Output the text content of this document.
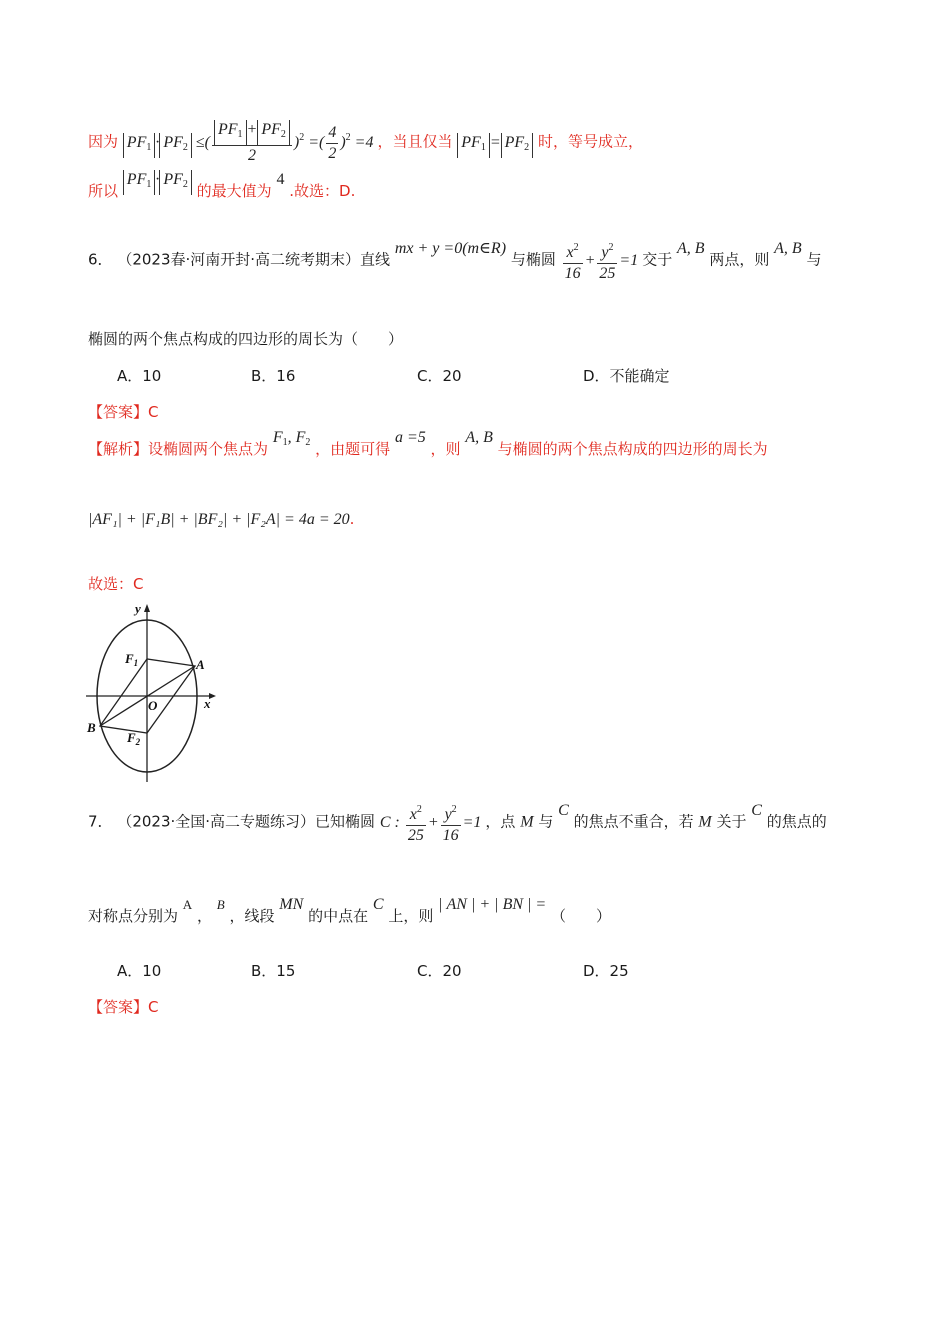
因为 $PF_1 \cdot PF_2$ ≤( $\frac{PF_1 + PF_2}{2} )^2$ =( $\frac{4}{2} )^2 =4$ ，当且仅当 $PF_1 = PF_2$ 时，等号成立，
所以 $PF_1 \cdot PF_2$ 的最大值为 4 .故选：D.
6． （2023春·河南开封·高二统考期末）直线 mx + y =0(m∈R) 与椭圆 $\frac{x^2}{16} + \frac{y^2}{25} =1$ 交于 A, B 两点，则 A, B 与
椭圆的两个焦点构成的四边形的周长为（　　）
A．10	B．16	C．20	D．不能确定
【答案】C
【解析】设椭圆两个焦点为 $F_1$, $F_2$ ，由题可得 a =5 ，则 A, B 与椭圆的两个焦点构成的四边形的周长为
|AF₁| + |F₁B| + |BF₂| + |F₂A| = 4a = 20.
故选：C
y
x
O
A
B
$F_1$
$F_2$
7． （2023·全国·高二专题练习）已知椭圆 C : $\frac{x^2}{25} + \frac{y^2}{16} =1$ ，点 M 与 C 的焦点不重合，若 M 关于 C 的焦点的
对称点分别为 A ， B ，线段 MN 的中点在 C 上，则 | AN | + | BN | = （　　）
A．10	B．15	C．20	D．25
【答案】C
